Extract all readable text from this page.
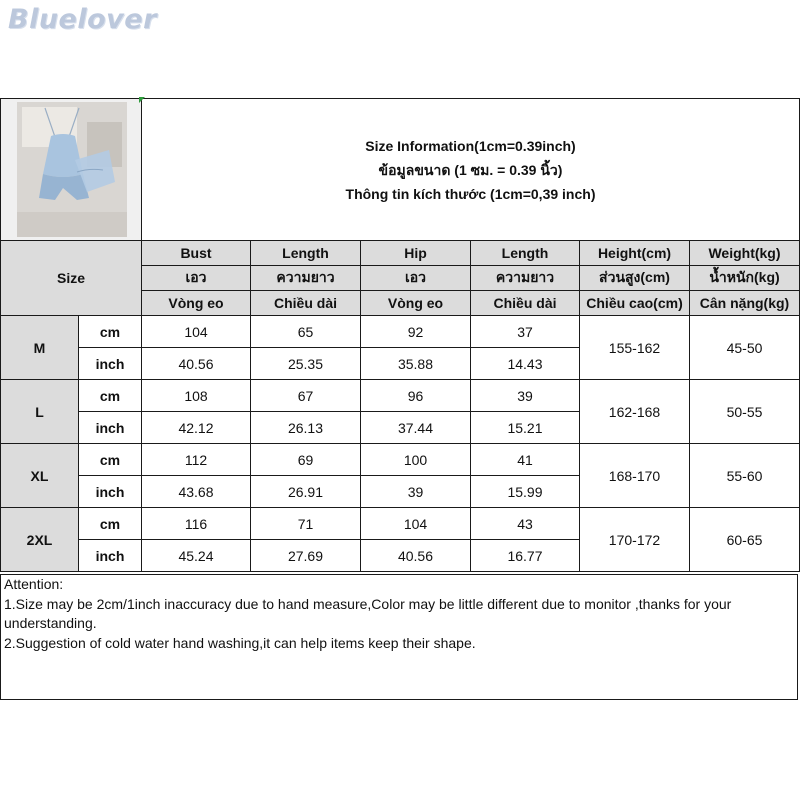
Bluelover

Size Information(1cm=0.39inch)
ข้อมูลขนาด (1 ซม. = 0.39 นิ้ว)
Thông tin kích thước (1cm=0,39 inch)					

Size		Bust	Length	Hip	Length	Height(cm)	Weight(kg)
		เอว	ความยาว	เอว	ความยาว	ส่วนสูง(cm)	น้ำหนัก(kg)
		Vòng eo	Chiều dài	Vòng eo	Chiều dài	Chiều cao(cm)	Cân nặng(kg)
M	cm	104	65	92	37	155-162	45-50
	inch	40.56	25.35	35.88	14.43		
L	cm	108	67	96	39	162-168	50-55
	inch	42.12	26.13	37.44	15.21		
XL	cm	112	69	100	41	168-170	55-60
	inch	43.68	26.91	39	15.99		
2XL	cm	116	71	104	43	170-172	60-65
	inch	45.24	27.69	40.56	16.77		
Attention:
1.Size may be 2cm/1inch inaccuracy due to hand measure,Color may be little different due to monitor ,thanks for your understanding.
2.Suggestion of cold water hand washing,it can help items keep their shape.
